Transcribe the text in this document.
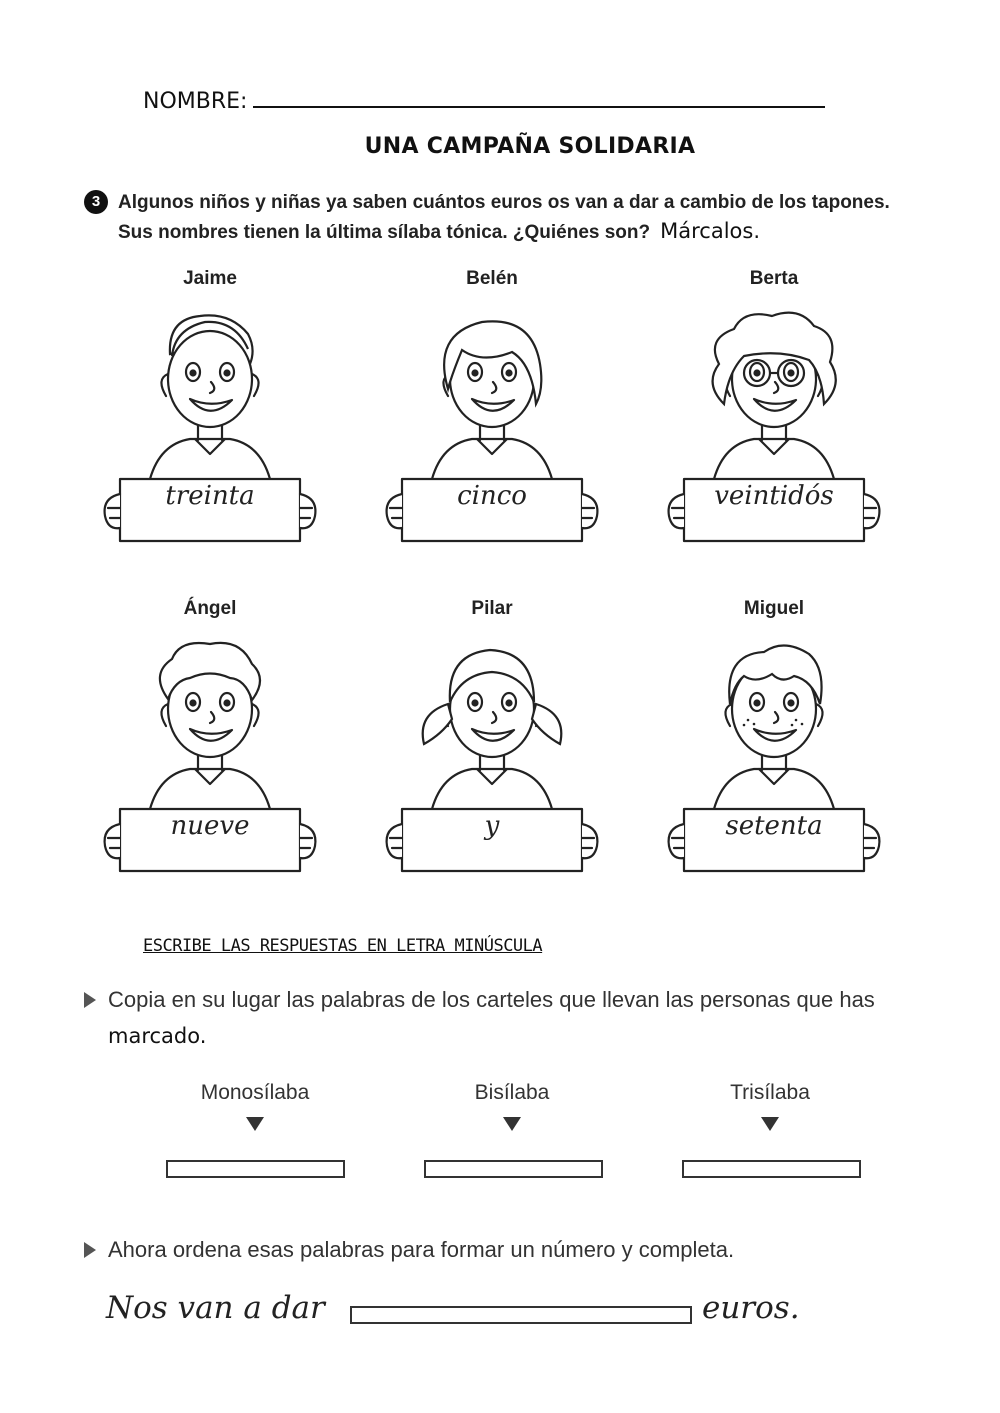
NOMBRE:
UNA CAMPAÑA SOLIDARIA
3 Algunos niños y niñas ya saben cuántos euros os van a dar a cambio de los tapones. Sus nombres tienen la última sílaba tónica. ¿Quiénes son? Márcalos.
Jaime
treinta
Belén
cinco
Berta
veintidós
Ángel
nueve
Pilar
y
Miguel
setenta
ESCRIBE LAS RESPUESTAS EN LETRA MINÚSCULA
Copia en su lugar las palabras de los carteles que llevan las personas que has marcado.
Monosílaba	Bisílaba	Trisílaba
Ahora ordena esas palabras para formar un número y completa.
Nos van a dar	euros.
